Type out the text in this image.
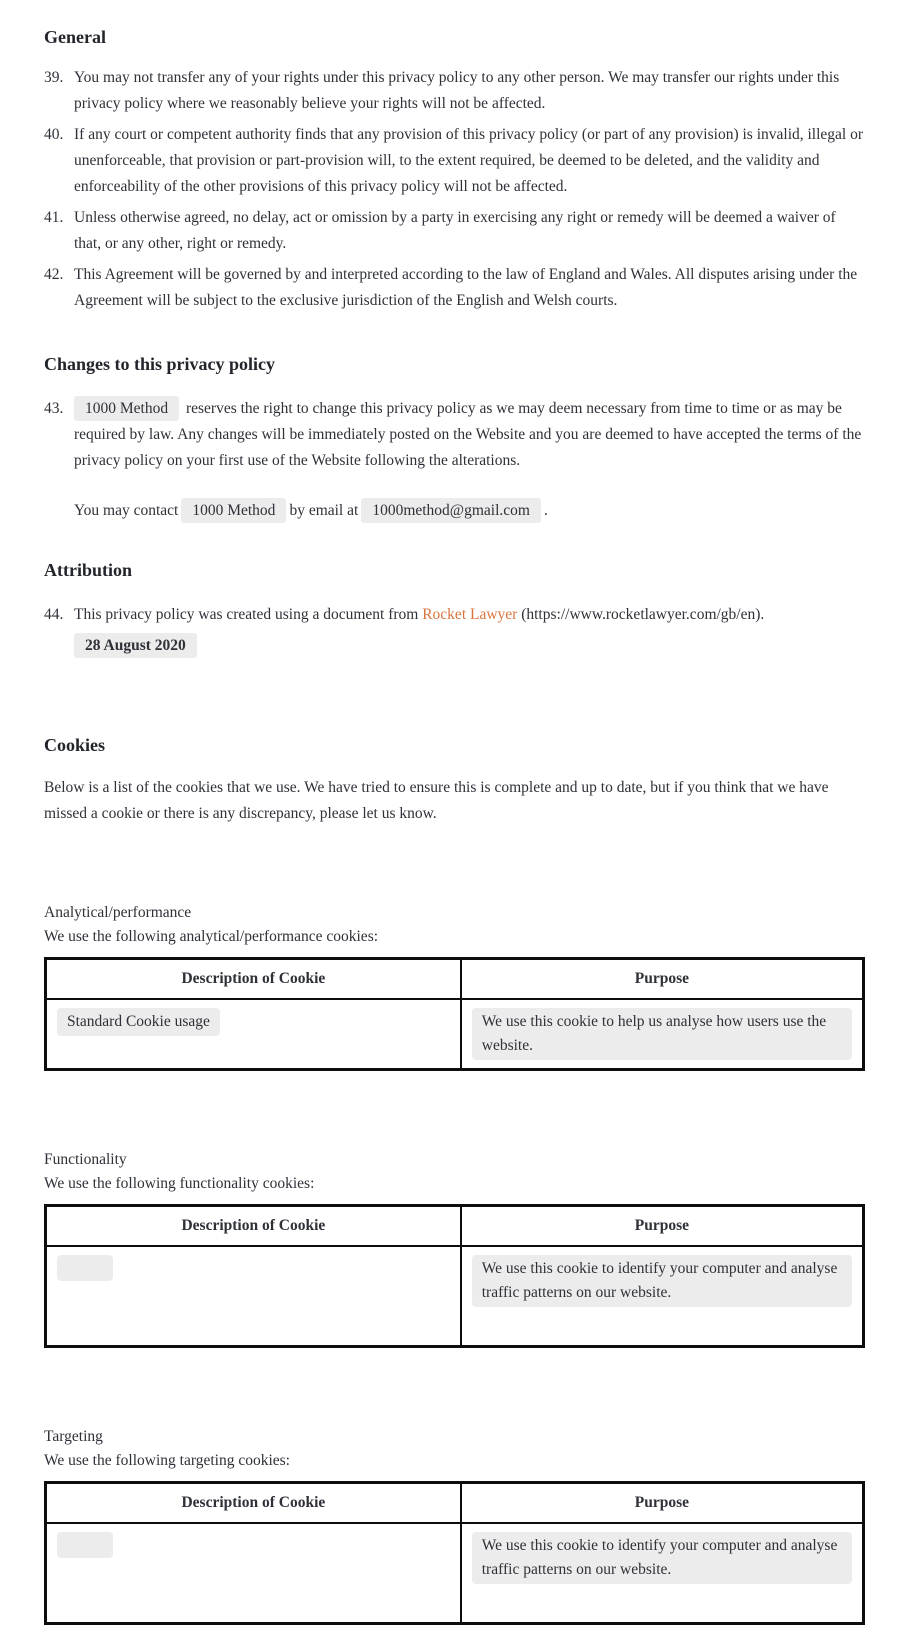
General
39. You may not transfer any of your rights under this privacy policy to any other person. We may transfer our rights under this privacy policy where we reasonably believe your rights will not be affected.
40. If any court or competent authority finds that any provision of this privacy policy (or part of any provision) is invalid, illegal or unenforceable, that provision or part-provision will, to the extent required, be deemed to be deleted, and the validity and enforceability of the other provisions of this privacy policy will not be affected.
41. Unless otherwise agreed, no delay, act or omission by a party in exercising any right or remedy will be deemed a waiver of that, or any other, right or remedy.
42. This Agreement will be governed by and interpreted according to the law of England and Wales. All disputes arising under the Agreement will be subject to the exclusive jurisdiction of the English and Welsh courts.
Changes to this privacy policy
43.	1000 Method reserves the right to change this privacy policy as we may deem necessary from time to time or as may be required by law. Any changes will be immediately posted on the Website and you are deemed to have accepted the terms of the privacy policy on your first use of the Website following the alterations.

You may contact 1000 Method by email at 1000method@gmail.com .

Attribution
44. This privacy policy was created using a document from Rocket Lawyer (https://www.rocketlawyer.com/gb/en).
28 August 2020
Cookies

Below is a list of the cookies that we use. We have tried to ensure this is complete and up to date, but if you think that we have missed a cookie or there is any discrepancy, please let us know.

Analytical/performance

We use the following analytical/performance cookies:

Description of Cookie	Purpose
Standard Cookie usage	We use this cookie to help us analyse how users use the website.

Functionality

We use the following functionality cookies:

Description of Cookie	Purpose
	We use this cookie to identify your computer and analyse traffic patterns on our website.

Targeting

We use the following targeting cookies:

Description of Cookie	Purpose
	We use this cookie to identify your computer and analyse traffic patterns on our website.
